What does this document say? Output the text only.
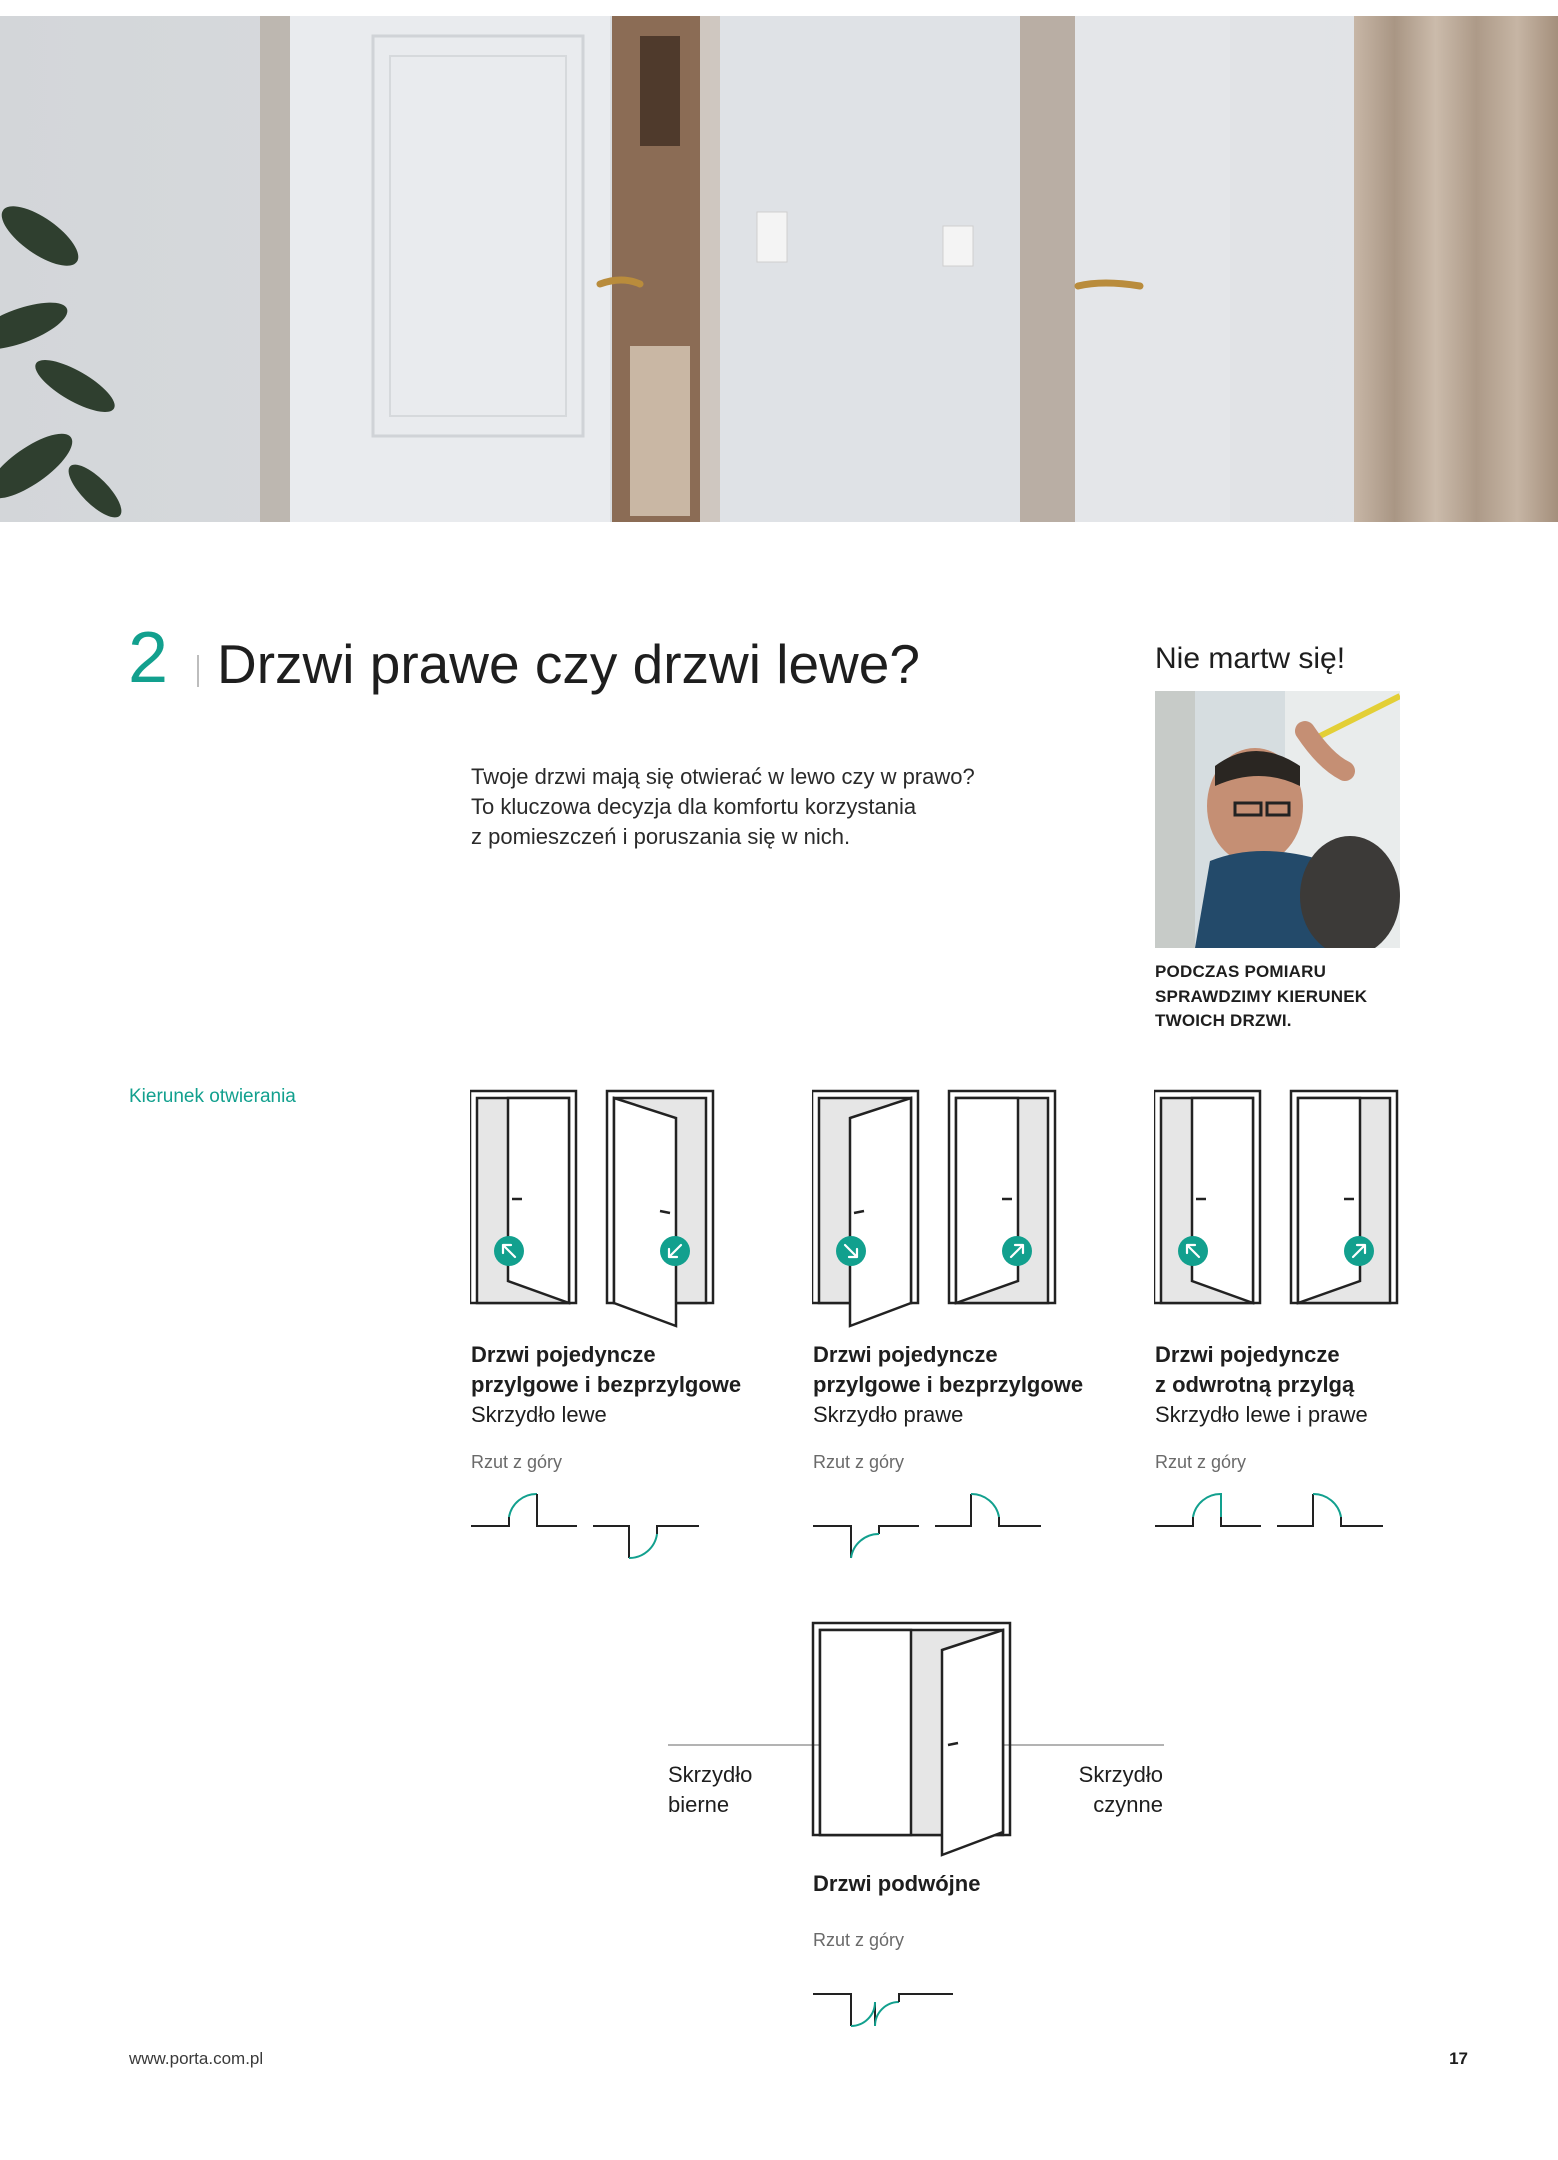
2 Drzwi prawe czy drzwi lewe?
Twoje drzwi mają się otwierać w lewo czy w prawo?
To kluczowa decyzja dla komfortu korzystania
z pomieszczeń i poruszania się w nich.
Nie martw się!
PODCZAS POMIARU
SPRAWDZIMY KIERUNEK
TWOICH DRZWI.
Kierunek otwierania
Drzwi pojedyncze
przylgowe i bezprzylgowe
Skrzydło lewe
Rzut z góry
Drzwi pojedyncze
przylgowe i bezprzylgowe
Skrzydło prawe
Rzut z góry
Drzwi pojedyncze
z odwrotną przylgą
Skrzydło lewe i prawe
Rzut z góry
Skrzydło
bierne
Skrzydło
czynne
Drzwi podwójne
Rzut z góry
www.porta.com.pl	17
